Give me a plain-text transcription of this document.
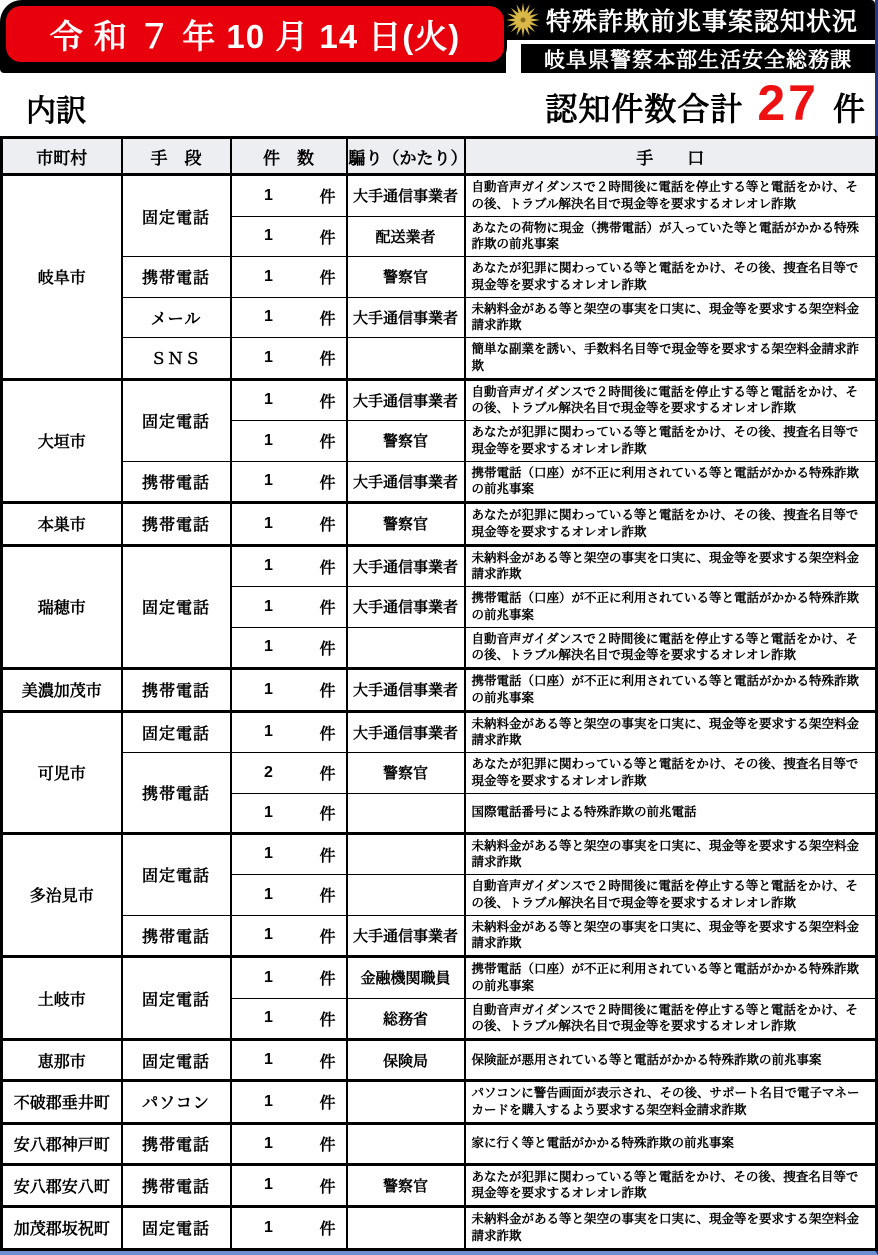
特殊詐欺前兆事案認知状況
岐阜県警察本部生活安全総務課
令 和 ７ 年 10 月 14 日(火)
内訳	認知件数合計 27 件
市町村	手　段	件　数	騙り（かたり）	手　　口
岐阜市	固定電話	1 件	大手通信事業者	自動音声ガイダンスで２時間後に電話を停止する等と電話をかけ、その後、トラブル解決名目で現金等を要求するオレオレ詐欺

		1 件	配送業者	あなたの荷物に現金（携帯電話）が入っていた等と電話がかかる特殊詐欺の前兆事案
	携帯電話	1 件	警察官	あなたが犯罪に関わっている等と電話をかけ、その後、捜査名目等で現金等を要求するオレオレ詐欺
	メール	1 件	大手通信事業者	未納料金がある等と架空の事実を口実に、現金等を要求する架空料金請求詐欺
	ＳＮＳ	1 件		簡単な副業を誘い、手数料名目等で現金等を要求する架空料金請求詐欺
大垣市	固定電話	1 件	大手通信事業者	自動音声ガイダンスで２時間後に電話を停止する等と電話をかけ、その後、トラブル解決名目で現金等を要求するオレオレ詐欺

		1 件	警察官	あなたが犯罪に関わっている等と電話をかけ、その後、捜査名目等で現金等を要求するオレオレ詐欺
	携帯電話	1 件	大手通信事業者	携帯電話（口座）が不正に利用されている等と電話がかかる特殊詐欺の前兆事案
本巣市	携帯電話	1 件	警察官	あなたが犯罪に関わっている等と電話をかけ、その後、捜査名目等で現金等を要求するオレオレ詐欺
瑞穂市	固定電話	1 件	大手通信事業者	未納料金がある等と架空の事実を口実に、現金等を要求する架空料金請求詐欺

		1 件	大手通信事業者	携帯電話（口座）が不正に利用されている等と電話がかかる特殊詐欺の前兆事案

		1 件		自動音声ガイダンスで２時間後に電話を停止する等と電話をかけ、その後、トラブル解決名目で現金等を要求するオレオレ詐欺
美濃加茂市	携帯電話	1 件	大手通信事業者	携帯電話（口座）が不正に利用されている等と電話がかかる特殊詐欺の前兆事案
可児市	固定電話	1 件	大手通信事業者	未納料金がある等と架空の事実を口実に、現金等を要求する架空料金請求詐欺
	携帯電話	2 件	警察官	あなたが犯罪に関わっている等と電話をかけ、その後、捜査名目等で現金等を要求するオレオレ詐欺

		1 件		国際電話番号による特殊詐欺の前兆電話
多治見市	固定電話	1 件		未納料金がある等と架空の事実を口実に、現金等を要求する架空料金請求詐欺

		1 件		自動音声ガイダンスで２時間後に電話を停止する等と電話をかけ、その後、トラブル解決名目で現金等を要求するオレオレ詐欺
	携帯電話	1 件	大手通信事業者	未納料金がある等と架空の事実を口実に、現金等を要求する架空料金請求詐欺
土岐市	固定電話	1 件	金融機関職員	携帯電話（口座）が不正に利用されている等と電話がかかる特殊詐欺の前兆事案

		1 件	総務省	自動音声ガイダンスで２時間後に電話を停止する等と電話をかけ、その後、トラブル解決名目で現金等を要求するオレオレ詐欺
恵那市	固定電話	1 件	保険局	保険証が悪用されている等と電話がかかる特殊詐欺の前兆事案
不破郡垂井町	パソコン	1 件		パソコンに警告画面が表示され、その後、サポート名目で電子マネーカードを購入するよう要求する架空料金請求詐欺
安八郡神戸町	携帯電話	1 件		家に行く等と電話がかかる特殊詐欺の前兆事案
安八郡安八町	携帯電話	1 件	警察官	あなたが犯罪に関わっている等と電話をかけ、その後、捜査名目等で現金等を要求するオレオレ詐欺
加茂郡坂祝町	固定電話	1 件		未納料金がある等と架空の事実を口実に、現金等を要求する架空料金請求詐欺
